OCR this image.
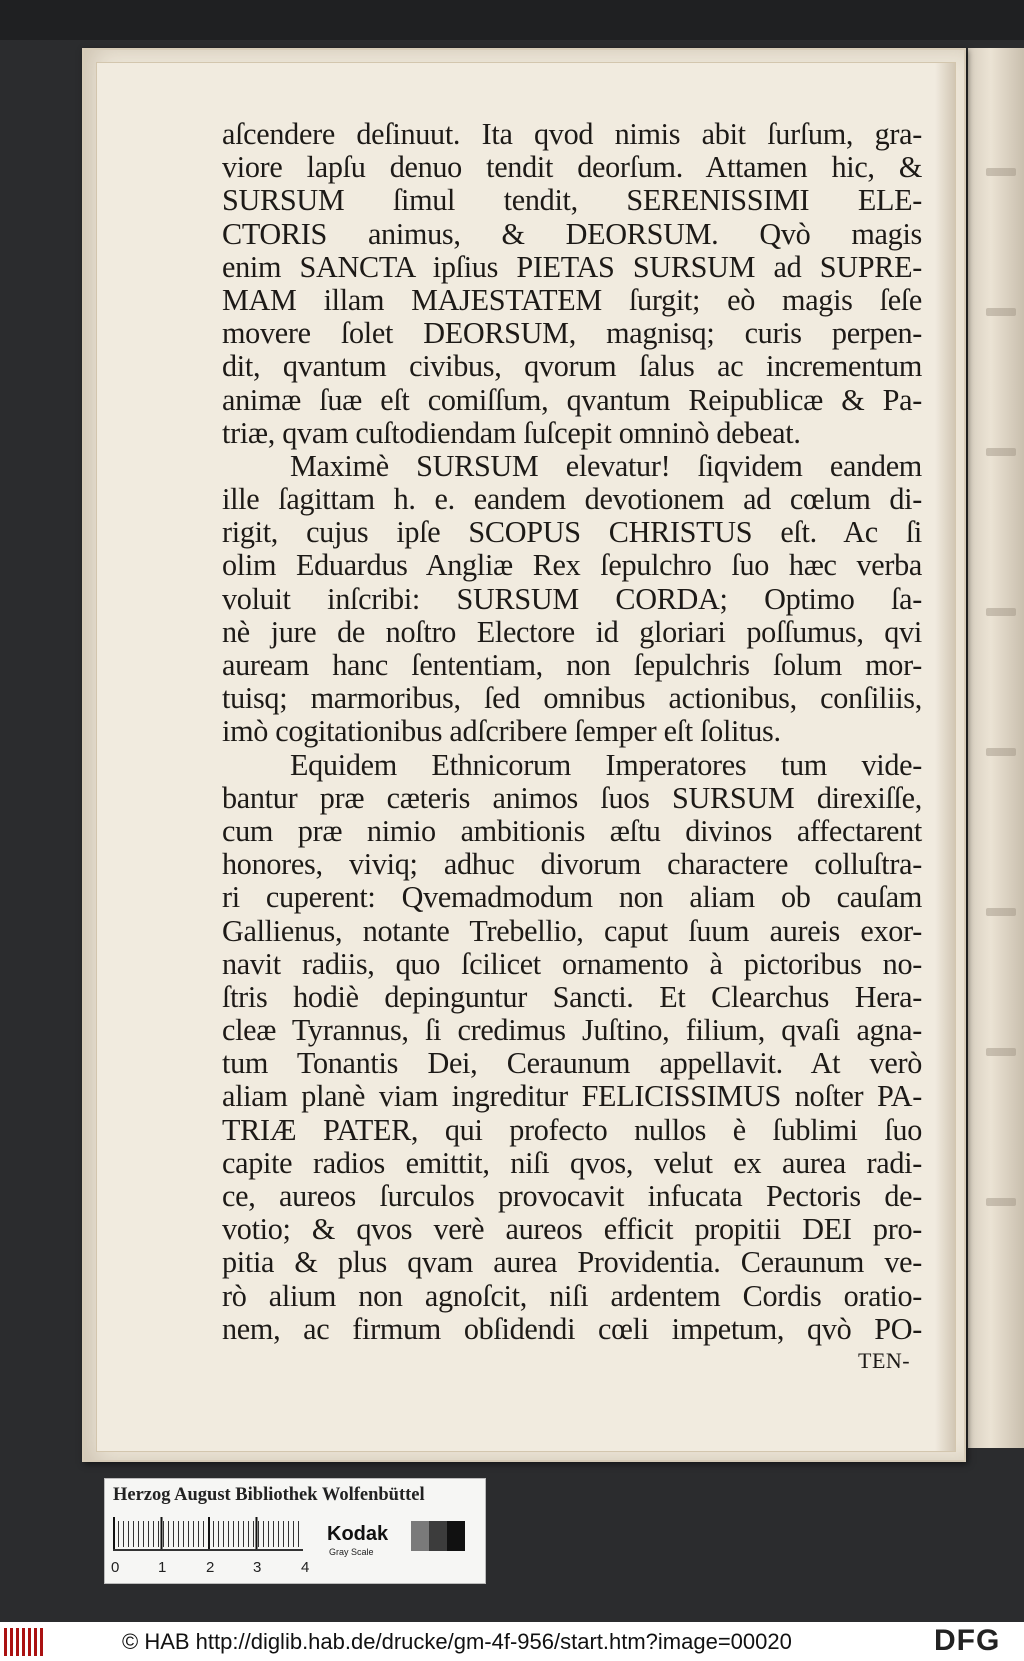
aſcendere deſinuut. Ita qvod nimis abit ſurſum, gra-
viore lapſu denuo tendit deorſum. Attamen hic, &
SURSUM ſimul tendit, SERENISSIMI ELE-
CTORIS animus, & DEORSUM. Qvò magis
enim SANCTA ipſius PIETAS SURSUM ad SUPRE-
MAM illam MAJESTATEM ſurgit; eò magis ſeſe
movere ſolet DEORSUM, magnisq; curis perpen-
dit, qvantum civibus, qvorum ſalus ac incrementum
animæ ſuæ eſt comiſſum, qvantum Reipublicæ & Pa-
triæ, qvam cuſtodiendam ſuſcepit omninò debeat.
Maximè SURSUM elevatur! ſiqvidem eandem
ille ſagittam h. e. eandem devotionem ad cœlum di-
rigit, cujus ipſe SCOPUS CHRISTUS eſt. Ac ſi
olim Eduardus Angliæ Rex ſepulchro ſuo hæc verba
voluit inſcribi: SURSUM CORDA; Optimo ſa-
nè jure de noſtro Electore id gloriari poſſumus, qvi
auream hanc ſententiam, non ſepulchris ſolum mor-
tuisq; marmoribus, ſed omnibus actionibus, conſiliis,
imò cogitationibus adſcribere ſemper eſt ſolitus.
Equidem Ethnicorum Imperatores tum vide-
bantur præ cæteris animos ſuos SURSUM direxiſſe,
cum præ nimio ambitionis æſtu divinos affectarent
honores, viviq; adhuc divorum charactere colluſtra-
ri cuperent: Qvemadmodum non aliam ob cauſam
Gallienus, notante Trebellio, caput ſuum aureis exor-
navit radiis, quo ſcilicet ornamento à pictoribus no-
ſtris hodiè depinguntur Sancti. Et Clearchus Hera-
cleæ Tyrannus, ſi credimus Juſtino, filium, qvaſi agna-
tum Tonantis Dei, Ceraunum appellavit. At verò
aliam planè viam ingreditur FELICISSIMUS noſter PA-
TRIÆ PATER, qui profecto nullos è ſublimi ſuo
capite radios emittit, niſi qvos, velut ex aurea radi-
ce, aureos ſurculos provocavit infucata Pectoris de-
votio; & qvos verè aureos efficit propitii DEI pro-
pitia & plus qvam aurea Providentia. Ceraunum ve-
rò alium non agnoſcit, niſi ardentem Cordis oratio-
nem, ac firmum obſidendi cœli impetum, qvò PO-
TEN-
Herzog August Bibliothek Wolfenbüttel
0	1	2	3	4
Kodak
Gray Scale
© HAB http://diglib.hab.de/drucke/gm-4f-956/start.htm?image=00020	DFG
